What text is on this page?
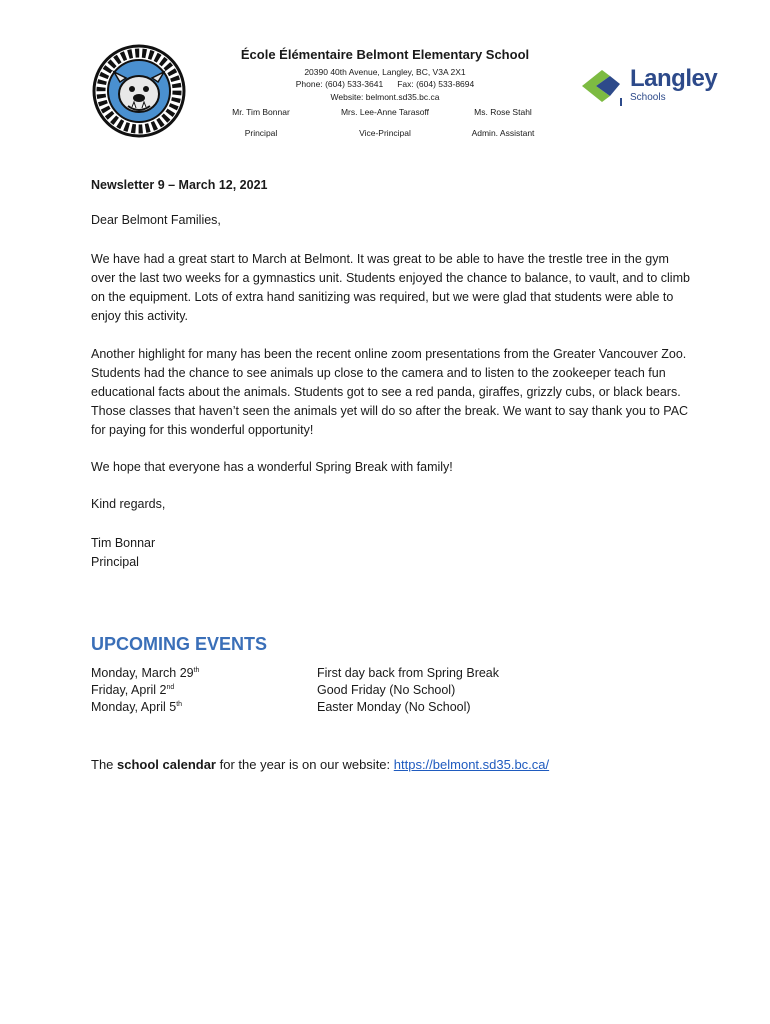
École Élémentaire Belmont Elementary School
20390 40th Avenue, Langley, BC, V3A 2X1
Phone: (604) 533-3641 Fax: (604) 533-8694
Website: belmont.sd35.bc.ca
Mr. Tim Bonnar
Principal
Mrs. Lee-Anne Tarasoff
Vice-Principal
Ms. Rose Stahl
Admin. Assistant
Langley
Schools
Newsletter 9 – March 12, 2021
Dear Belmont Families,
We have had a great start to March at Belmont. It was great to be able to have the trestle tree in the gym over the last two weeks for a gymnastics unit. Students enjoyed the chance to balance, to vault, and to climb on the equipment. Lots of extra hand sanitizing was required, but we were glad that students were able to enjoy this activity.
Another highlight for many has been the recent online zoom presentations from the Greater Vancouver Zoo. Students had the chance to see animals up close to the camera and to listen to the zookeeper teach fun educational facts about the animals. Students got to see a red panda, giraffes, grizzly cubs, or black bears. Those classes that haven’t seen the animals yet will do so after the break. We want to say thank you to PAC for paying for this wonderful opportunity!
We hope that everyone has a wonderful Spring Break with family!
Kind regards,
Tim Bonnar
Principal
UPCOMING EVENTS
Monday, March 29th	First day back from Spring Break
Friday, April 2nd	Good Friday (No School)
Monday, April 5th	Easter Monday (No School)
The school calendar for the year is on our website: https://belmont.sd35.bc.ca/
